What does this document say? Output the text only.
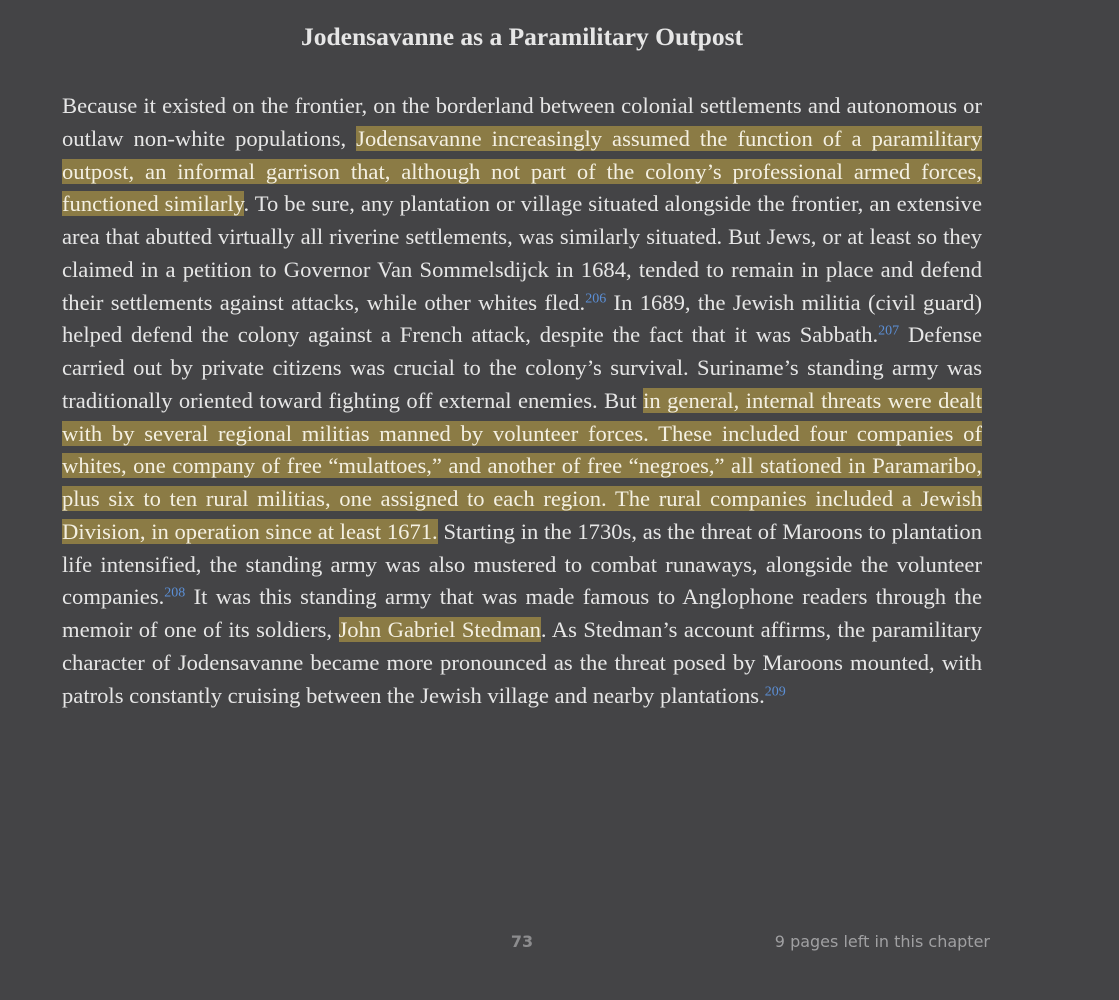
Jodensavanne as a Paramilitary Outpost

Because it existed on the frontier, on the borderland between colonial settlements and autonomous or outlaw non-white populations, Jodensavanne increasingly assumed the function of a paramilitary outpost, an informal garrison that, although not part of the colony’s professional armed forces, functioned similarly. To be sure, any plantation or village situated alongside the frontier, an extensive area that abutted virtually all riverine settlements, was similarly situated. But Jews, or at least so they claimed in a petition to Governor Van Sommelsdijck in 1684, tended to remain in place and defend their settlements against attacks, while other whites fled.$^{206}$ In 1689, the Jewish militia (civil guard) helped defend the colony against a French attack, despite the fact that it was Sabbath.$^{207}$ Defense carried out by private citizens was crucial to the colony’s survival. Suriname’s standing army was traditionally oriented toward fighting off external enemies. But in general, internal threats were dealt with by several regional militias manned by volunteer forces. These included four companies of whites, one company of free “mulattoes,” and another of free “negroes,” all stationed in Paramaribo, plus six to ten rural militias, one assigned to each region. The rural companies included a Jewish Division, in operation since at least 1671. Starting in the 1730s, as the threat of Maroons to plantation life intensified, the standing army was also mustered to combat runaways, alongside the volunteer companies.$^{208}$ It was this standing army that was made famous to Anglophone readers through the memoir of one of its soldiers, John Gabriel Stedman. As Stedman’s account affirms, the paramilitary character of Jodensavanne became more pronounced as the threat posed by Maroons mounted, with patrols constantly cruising between the Jewish village and nearby plantations.$^{209}$

73	9 pages left in this chapter
